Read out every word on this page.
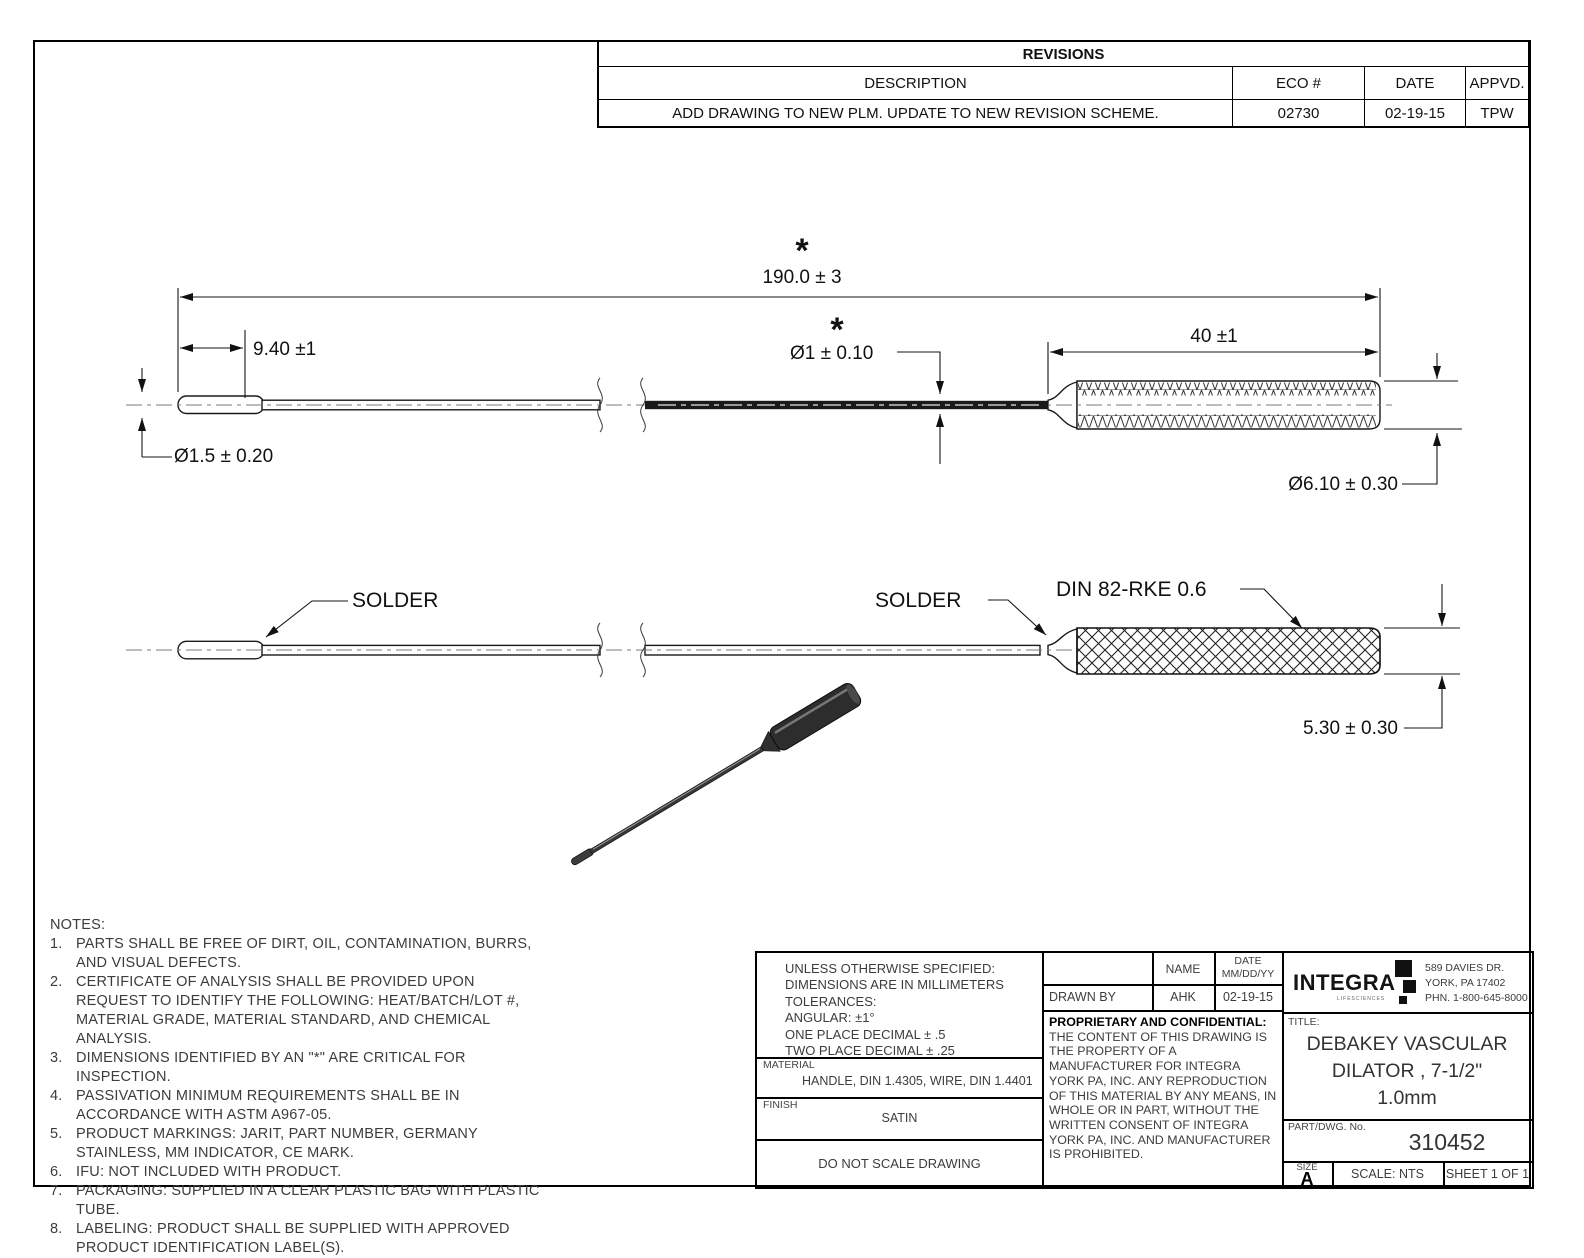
*
190.0 ± 3
9.40 ±1
Ø1.5 ± 0.20
*
Ø1 ± 0.10
40 ±1
Ø6.10 ± 0.30
SOLDER	SOLDER	DIN 82-RKE 0.6
5.30 ± 0.30
REVISIONS
DESCRIPTION	ECO #	DATE	APPVD.
ADD DRAWING TO NEW PLM. UPDATE TO NEW REVISION SCHEME.	02730	02-19-15	TPW
NOTES:
1. PARTS SHALL BE FREE OF DIRT, OIL, CONTAMINATION, BURRS, AND VISUAL DEFECTS.
2. CERTIFICATE OF ANALYSIS SHALL BE PROVIDED UPON REQUEST TO IDENTIFY THE FOLLOWING: HEAT/BATCH/LOT #, MATERIAL GRADE, MATERIAL STANDARD, AND CHEMICAL ANALYSIS.
3. DIMENSIONS IDENTIFIED BY AN "*" ARE CRITICAL FOR INSPECTION.
4. PASSIVATION MINIMUM REQUIREMENTS SHALL BE IN ACCORDANCE WITH ASTM A967-05.
5. PRODUCT MARKINGS: JARIT, PART NUMBER, GERMANY STAINLESS, MM INDICATOR, CE MARK.
6. IFU: NOT INCLUDED WITH PRODUCT.
7. PACKAGING: SUPPLIED IN A CLEAR PLASTIC BAG WITH PLASTIC TUBE.
8. LABELING: PRODUCT SHALL BE SUPPLIED WITH APPROVED PRODUCT IDENTIFICATION LABEL(S).
UNLESS OTHERWISE SPECIFIED:
DIMENSIONS ARE IN MILLIMETERS
TOLERANCES:
ANGULAR: ±1°
ONE PLACE DECIMAL ± .5
TWO PLACE DECIMAL ± .25
MATERIAL
HANDLE, DIN 1.4305, WIRE, DIN 1.4401
FINISH
SATIN
DO NOT SCALE DRAWING
NAME
DATE
MM/DD/YY
DRAWN BY	AHK	02-19-15
PROPRIETARY AND CONFIDENTIAL:
THE CONTENT OF THIS DRAWING IS THE PROPERTY OF A MANUFACTURER FOR INTEGRA YORK PA, INC. ANY REPRODUCTION OF THIS MATERIAL BY ANY MEANS, IN WHOLE OR IN PART, WITHOUT THE WRITTEN CONSENT OF INTEGRA YORK PA, INC. AND MANUFACTURER IS PROHIBITED.
INTEGRA
LIFESCIENCES
589 DAVIES DR.
YORK, PA 17402
PHN. 1-800-645-8000
TITLE:
DEBAKEY VASCULAR
DILATOR , 7-1/2"
1.0mm
PART/DWG. No.
310452
SIZE
A	SCALE: NTS	SHEET 1 OF 1
